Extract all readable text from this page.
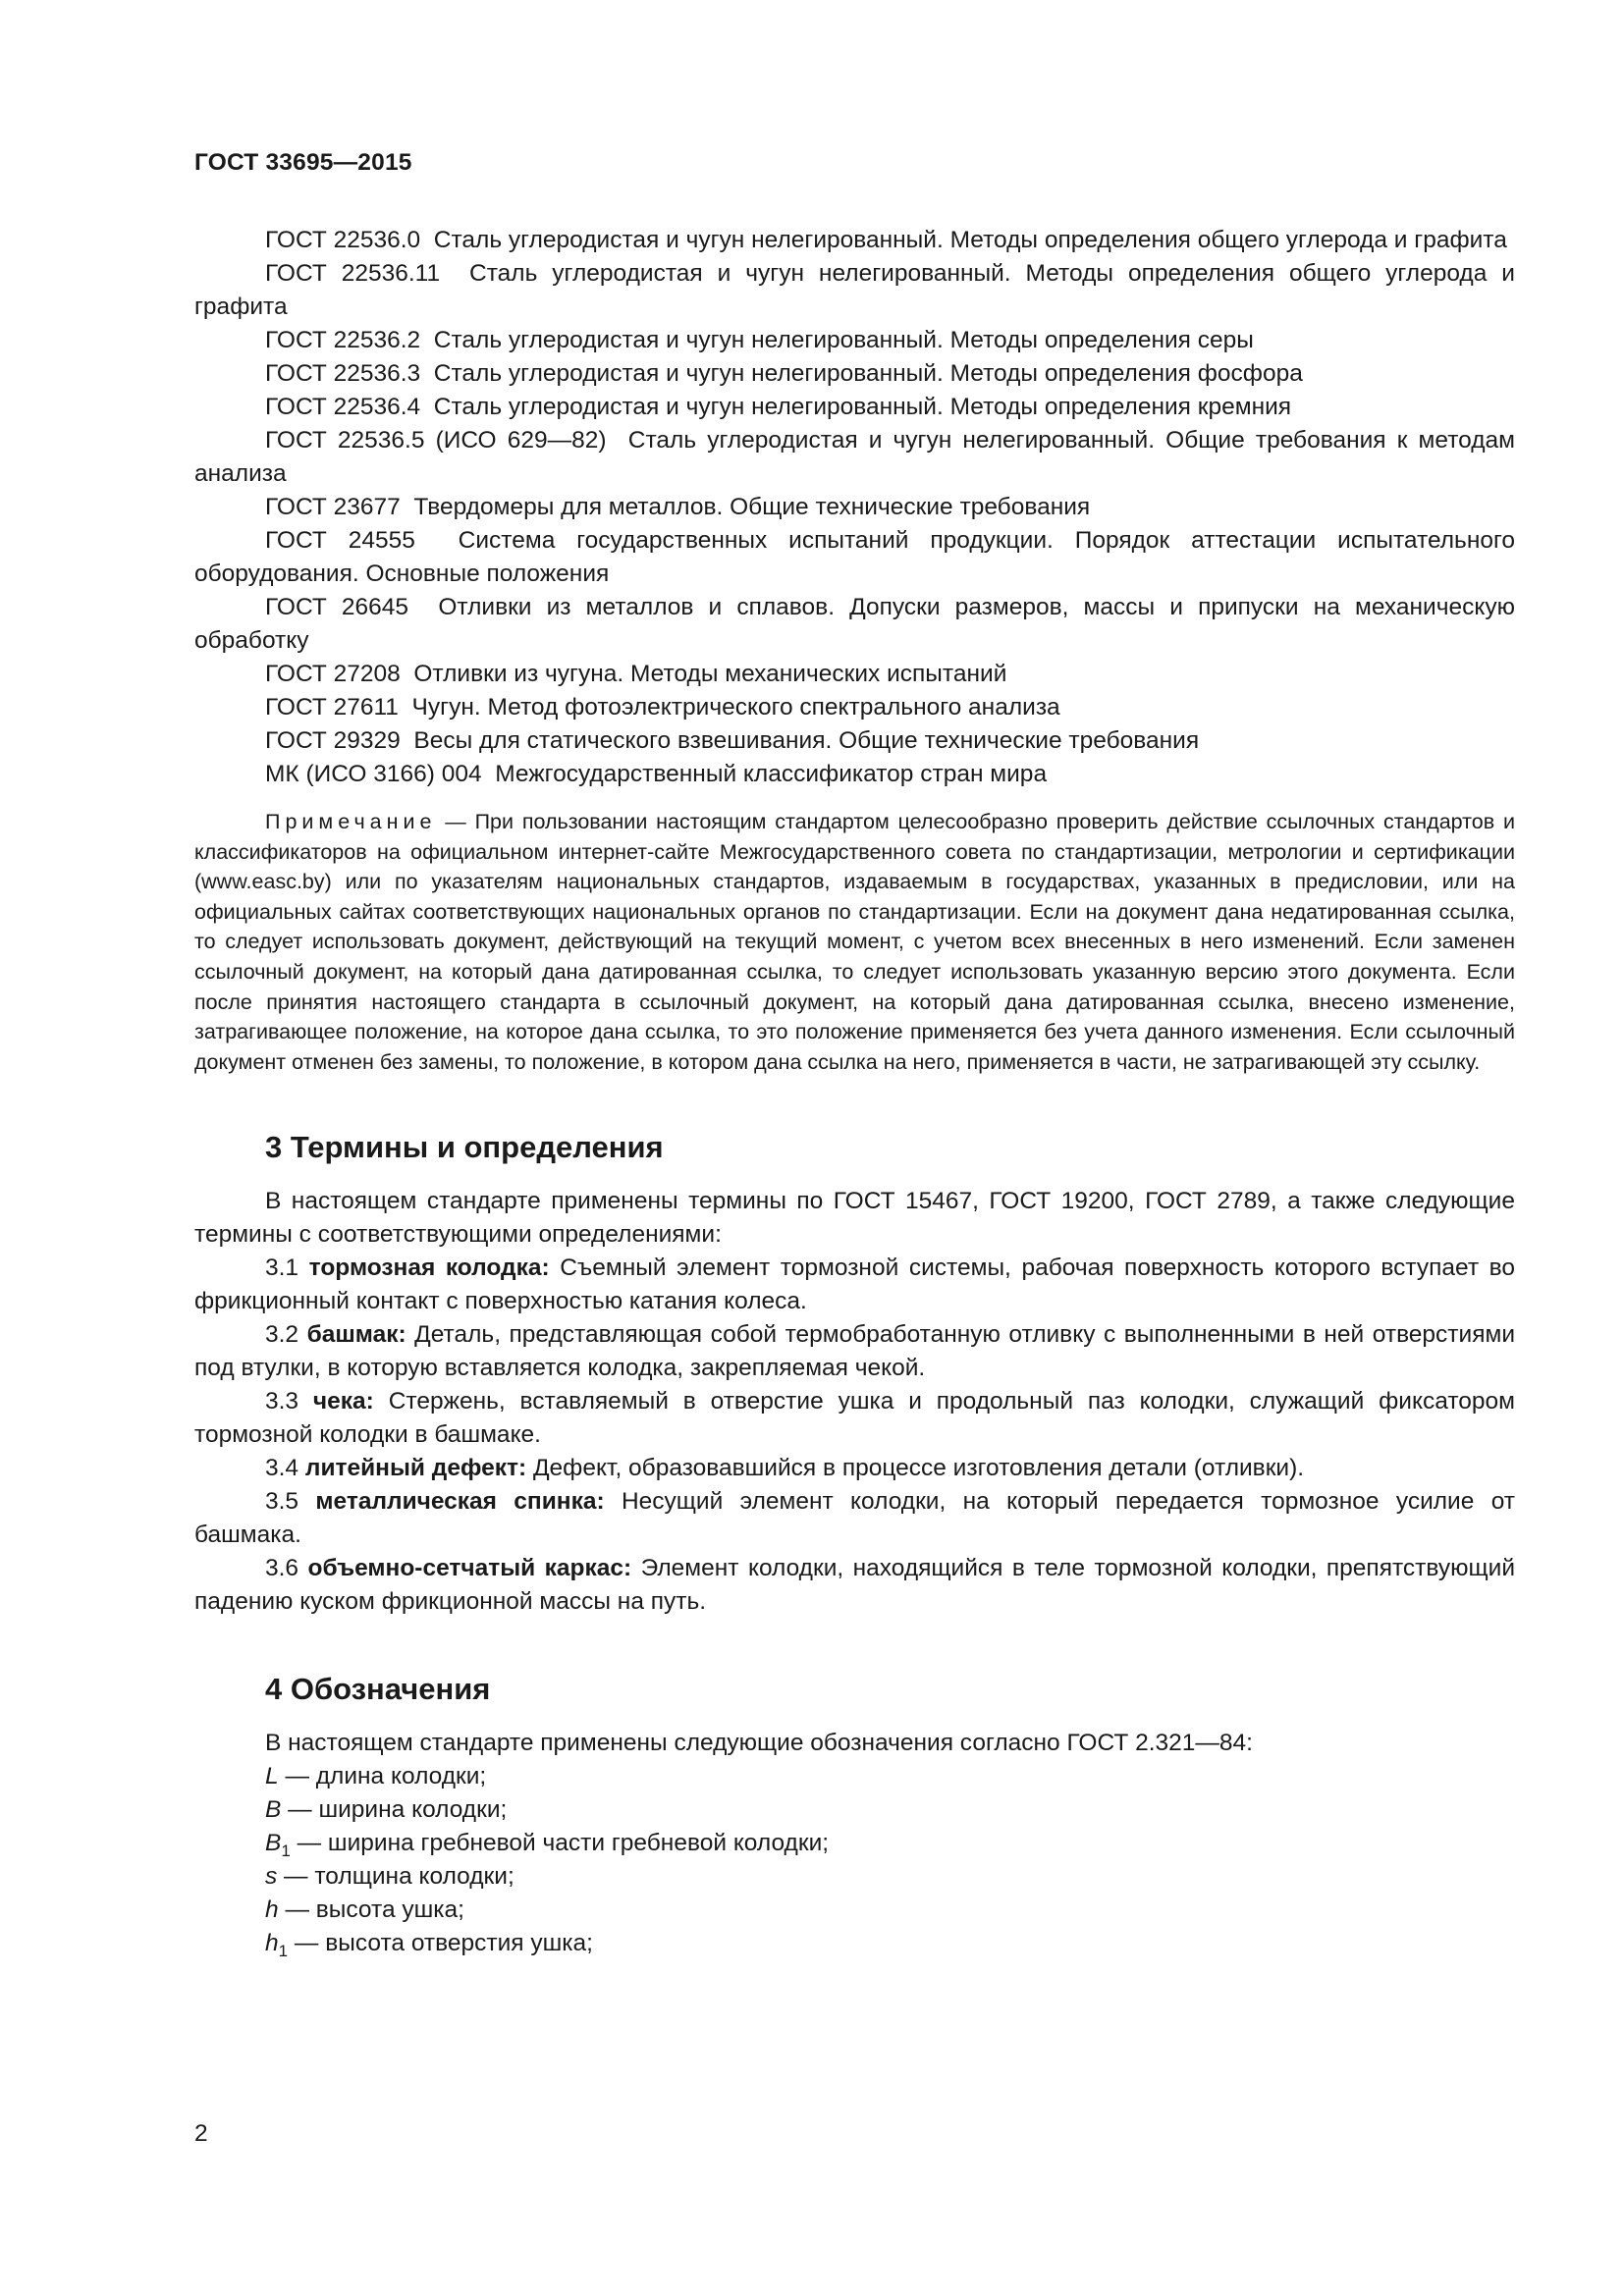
ГОСТ 33695—2015

ГОСТ 22536.0 Сталь углеродистая и чугун нелегированный. Методы определения общего углерода и графита

ГОСТ 22536.11 Сталь углеродистая и чугун нелегированный. Методы определения общего углерода и графита

ГОСТ 22536.2 Сталь углеродистая и чугун нелегированный. Методы определения серы

ГОСТ 22536.3 Сталь углеродистая и чугун нелегированный. Методы определения фосфора

ГОСТ 22536.4 Сталь углеродистая и чугун нелегированный. Методы определения кремния

ГОСТ 22536.5 (ИСО 629—82) Сталь углеродистая и чугун нелегированный. Общие требования к методам анализа

ГОСТ 23677 Твердомеры для металлов. Общие технические требования

ГОСТ 24555 Система государственных испытаний продукции. Порядок аттестации испытательного оборудования. Основные положения

ГОСТ 26645 Отливки из металлов и сплавов. Допуски размеров, массы и припуски на механическую обработку

ГОСТ 27208 Отливки из чугуна. Методы механических испытаний

ГОСТ 27611 Чугун. Метод фотоэлектрического спектрального анализа

ГОСТ 29329 Весы для статического взвешивания. Общие технические требования

МК (ИСО 3166) 004 Межгосударственный классификатор стран мира

Примечание — При пользовании настоящим стандартом целесообразно проверить действие ссылочных стандартов и классификаторов на официальном интернет-сайте Межгосударственного совета по стандартизации, метрологии и сертификации (www.easc.by) или по указателям национальных стандартов, издаваемым в государствах, указанных в предисловии, или на официальных сайтах соответствующих национальных органов по стандартизации. Если на документ дана недатированная ссылка, то следует использовать документ, действующий на текущий момент, с учетом всех внесенных в него изменений. Если заменен ссылочный документ, на который дана датированная ссылка, то следует использовать указанную версию этого документа. Если после принятия настоящего стандарта в ссылочный документ, на который дана датированная ссылка, внесено изменение, затрагивающее положение, на которое дана ссылка, то это положение применяется без учета данного изменения. Если ссылочный документ отменен без замены, то положение, в котором дана ссылка на него, применяется в части, не затрагивающей эту ссылку.
3 Термины и определения

В настоящем стандарте применены термины по ГОСТ 15467, ГОСТ 19200, ГОСТ 2789, а также следующие термины с соответствующими определениями:

3.1 тормозная колодка: Съемный элемент тормозной системы, рабочая поверхность которого вступает во фрикционный контакт с поверхностью катания колеса.

3.2 башмак: Деталь, представляющая собой термобработанную отливку с выполненными в ней отверстиями под втулки, в которую вставляется колодка, закрепляемая чекой.

3.3 чека: Стержень, вставляемый в отверстие ушка и продольный паз колодки, служащий фиксатором тормозной колодки в башмаке.

3.4 литейный дефект: Дефект, образовавшийся в процессе изготовления детали (отливки).

3.5 металлическая спинка: Несущий элемент колодки, на который передается тормозное усилие от башмака.

3.6 объемно-сетчатый каркас: Элемент колодки, находящийся в теле тормозной колодки, препятствующий падению куском фрикционной массы на путь.

4 Обозначения

В настоящем стандарте применены следующие обозначения согласно ГОСТ 2.321—84:

L — длина колодки;

B — ширина колодки;

$B_1$ — ширина гребневой части гребневой колодки;

s — толщина колодки;

h — высота ушка;

$h_1$ — высота отверстия ушка;

2
